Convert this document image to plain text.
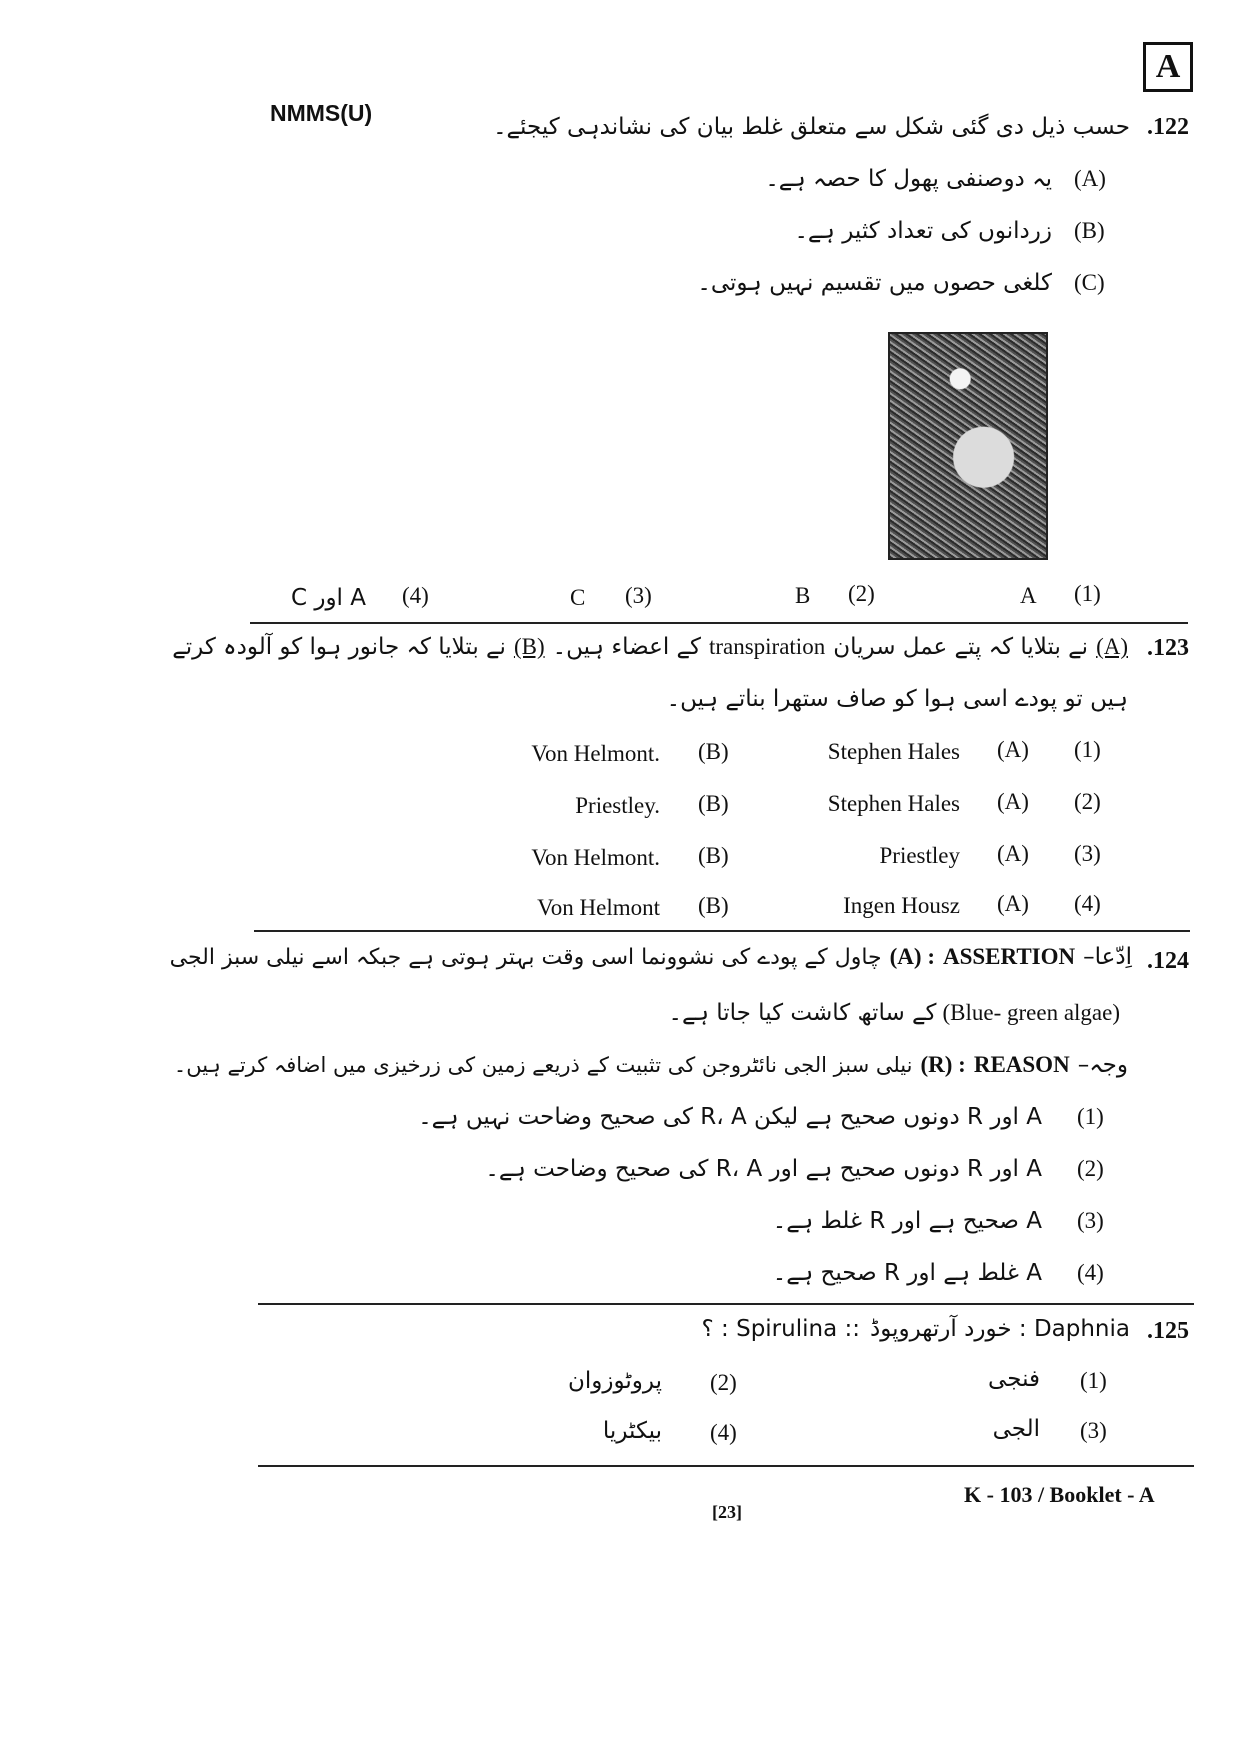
A
NMMS(U)
.122
حسب ذیل دی گئی شکل سے متعلق غلط بیان کی نشاندہی کیجئے۔
(A)
یہ دوصنفی پھول کا حصہ ہے۔
(B)
زردانوں کی تعداد کثیر ہے۔
(C)
کلغی حصوں میں تقسیم نہیں ہوتی۔
(1)
A
(2)
B
(3)
C
(4)
A اور C
.123
(A)
نے بتلایا کہ پتے عمل سریان
transpiration
کے اعضاء ہیں۔
(B)
نے بتلایا کہ جانور ہوا کو آلودہ کرتے
ہیں تو پودے اسی ہوا کو صاف ستھرا بناتے ہیں۔
(1)
(A)
Stephen Hales
(B)
Von Helmont.
(2)
(A)
Stephen Hales
(B)
Priestley.
(3)
(A)
Priestley
(B)
Von Helmont.
(4)
(A)
Ingen Housz
(B)
Von Helmont
.124
اِدّعا–
ASSERTION
(A) :
چاول کے پودے کی نشوونما اسی وقت بہتر ہوتی ہے جبکہ اسے نیلی سبز الجی
(Blue- green algae)
کے ساتھ کاشت کیا جاتا ہے۔
وجہ–
REASON
(R) :
نیلی سبز الجی نائٹروجن کی تثبیت کے ذریعے زمین کی زرخیزی میں اضافہ کرتے ہیں۔
(1)
A اور R دونوں صحیح ہے لیکن R، A کی صحیح وضاحت نہیں ہے۔
(2)
A اور R دونوں صحیح ہے اور R، A کی صحیح وضاحت ہے۔
(3)
A صحیح ہے اور R غلط ہے۔
(4)
A غلط ہے اور R صحیح ہے۔
.125
Daphnia : خورد آرتھروپوڈ
:: Spirulina : ؟
(1)
فنجی
(2)
پروٹوزوان
(3)
الجی
(4)
بیکٹریا
K - 103 / Booklet - A
[23]
